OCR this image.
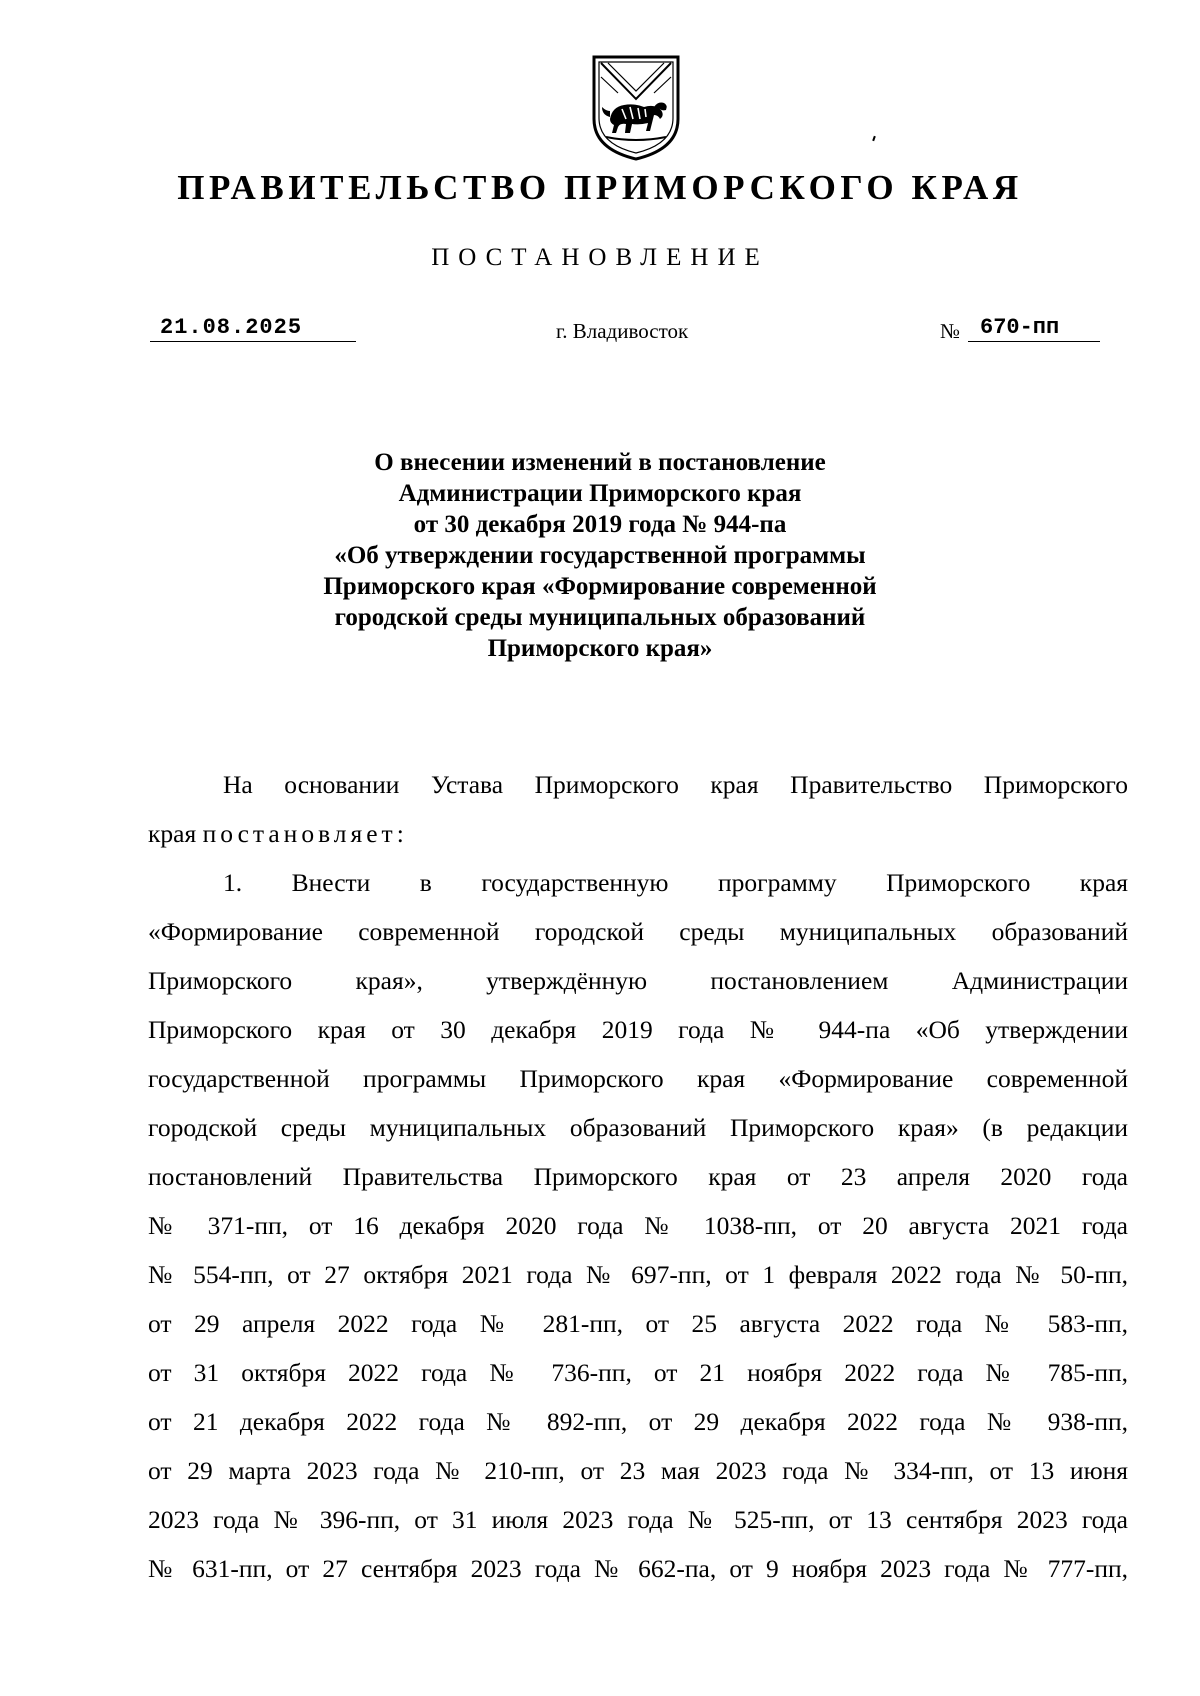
ПРАВИТЕЛЬСТВО ПРИМОРСКОГО КРАЯ
ПОСТАНОВЛЕНИЕ
21.08.2025	г. Владивосток	№ 670-пп
О внесении изменений в постановление
Администрации Приморского края
от 30 декабря 2019 года № 944-па
«Об утверждении государственной программы
Приморского края «Формирование современной
городской среды муниципальных образований
Приморского края»
На основании Устава Приморского края Правительство Приморского
края постановляет:
1. Внести в государственную программу Приморского края
«Формирование современной городской среды муниципальных образований
Приморского края», утверждённую постановлением Администрации
Приморского края от 30 декабря 2019 года № 944-па «Об утверждении
государственной программы Приморского края «Формирование современной
городской среды муниципальных образований Приморского края» (в редакции
постановлений Правительства Приморского края от 23 апреля 2020 года
№ 371-пп, от 16 декабря 2020 года № 1038-пп, от 20 августа 2021 года
№ 554-пп, от 27 октября 2021 года № 697-пп, от 1 февраля 2022 года № 50-пп,
от 29 апреля 2022 года № 281-пп, от 25 августа 2022 года № 583-пп,
от 31 октября 2022 года № 736-пп, от 21 ноября 2022 года № 785-пп,
от 21 декабря 2022 года № 892-пп, от 29 декабря 2022 года № 938-пп,
от 29 марта 2023 года № 210-пп, от 23 мая 2023 года № 334-пп, от 13 июня
2023 года № 396-пп, от 31 июля 2023 года № 525-пп, от 13 сентября 2023 года
№ 631-пп, от 27 сентября 2023 года № 662-па, от 9 ноября 2023 года № 777-пп,
